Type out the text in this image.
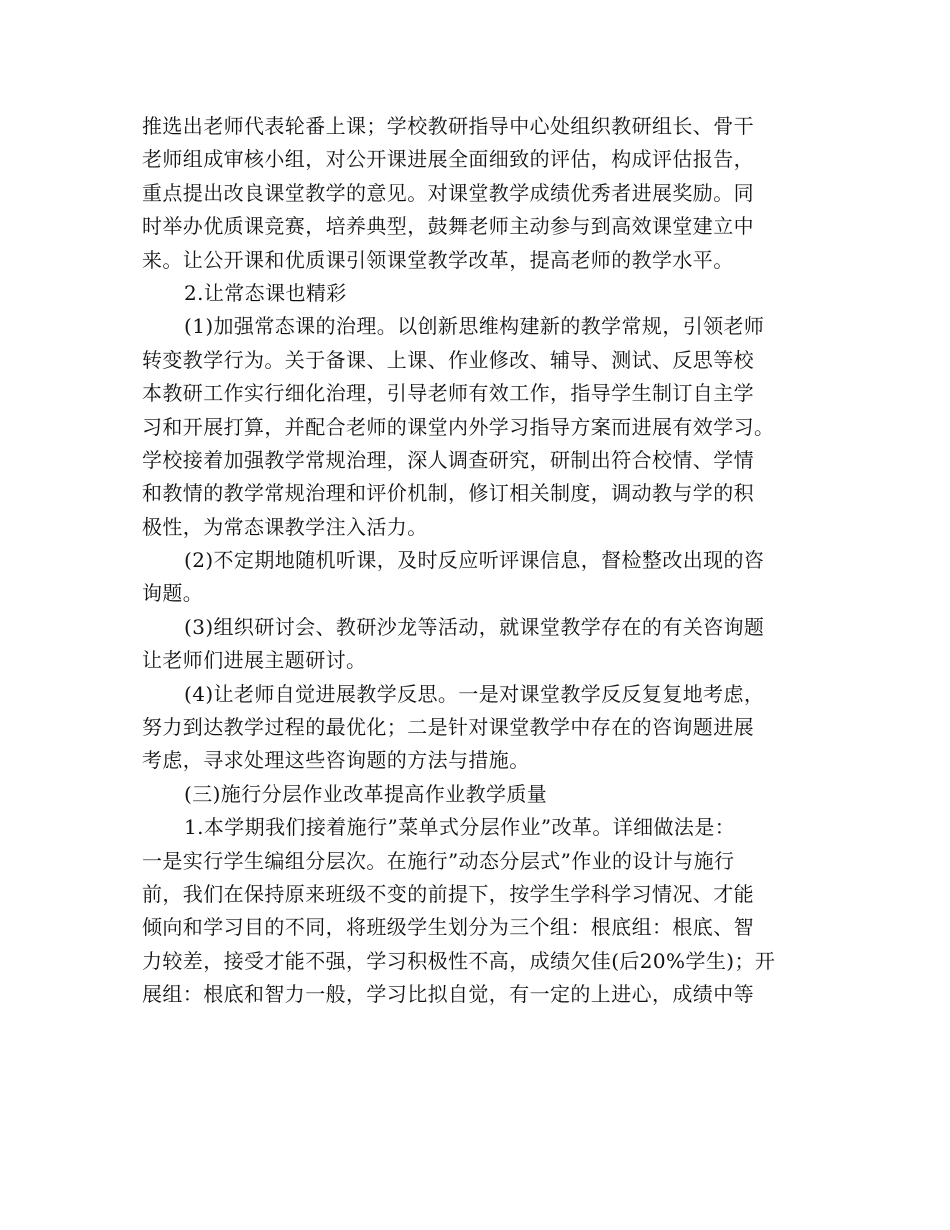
推选出老师代表轮番上课；学校教研指导中心处组织教研组长、骨干
老师组成审核小组，对公开课进展全面细致的评估，构成评估报告，
重点提出改良课堂教学的意见。对课堂教学成绩优秀者进展奖励。同
时举办优质课竞赛，培养典型，鼓舞老师主动参与到高效课堂建立中
来。让公开课和优质课引领课堂教学改革，提高老师的教学水平。
2.让常态课也精彩
(1)加强常态课的治理。以创新思维构建新的教学常规，引领老师
转变教学行为。关于备课、上课、作业修改、辅导、测试、反思等校
本教研工作实行细化治理，引导老师有效工作，指导学生制订自主学
习和开展打算，并配合老师的课堂内外学习指导方案而进展有效学习。
学校接着加强教学常规治理，深人调查研究，研制出符合校情、学情
和教情的教学常规治理和评价机制，修订相关制度，调动教与学的积
极性，为常态课教学注入活力。
(2)不定期地随机听课，及时反应听评课信息，督检整改出现的咨
询题。
(3)组织研讨会、教研沙龙等活动，就课堂教学存在的有关咨询题
让老师们进展主题研讨。
(4)让老师自觉进展教学反思。一是对课堂教学反反复复地考虑，
努力到达教学过程的最优化；二是针对课堂教学中存在的咨询题进展
考虑，寻求处理这些咨询题的方法与措施。
(三)施行分层作业改革提高作业教学质量
1.本学期我们接着施行”菜单式分层作业”改革。详细做法是：
一是实行学生编组分层次。在施行”动态分层式”作业的设计与施行
前，我们在保持原来班级不变的前提下，按学生学科学习情况、才能
倾向和学习目的不同，将班级学生划分为三个组：根底组：根底、智
力较差，接受才能不强，学习积极性不高，成绩欠佳(后20%学生)；开
展组：根底和智力一般，学习比拟自觉，有一定的上进心，成绩中等
